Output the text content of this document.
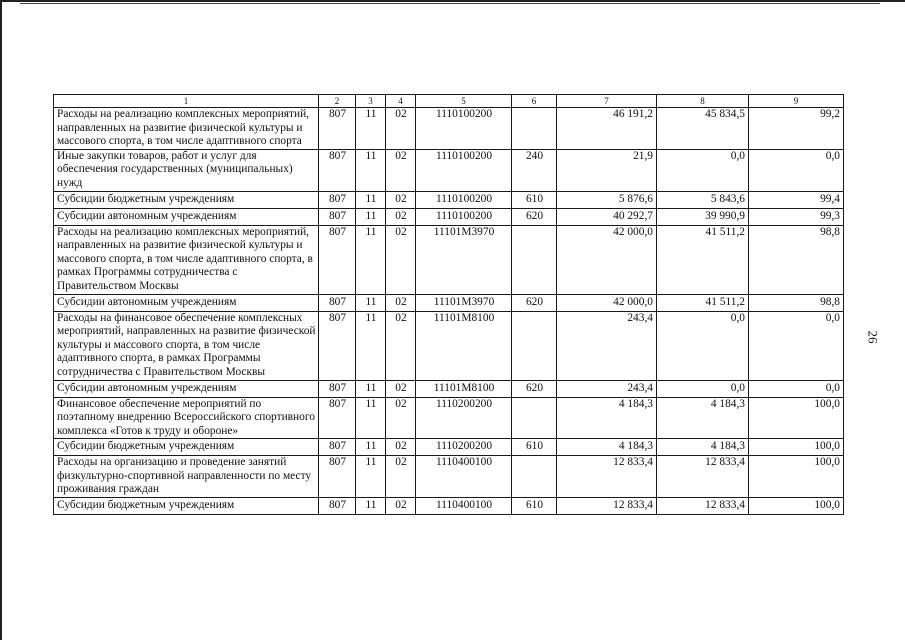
1	2	3	4	5	6	7	8	9
Расходы на реализацию комплексных мероприятий, направленных на развитие физической культуры и массового спорта, в том числе адаптивного спорта	807	11	02	1110100200		46 191,2	45 834,5	99,2
Иные закупки товаров, работ и услуг для обеспечения государственных (муниципальных) нужд	807	11	02	1110100200	240	21,9	0,0	0,0
Субсидии бюджетным учреждениям	807	11	02	1110100200	610	5 876,6	5 843,6	99,4
Субсидии автономным учреждениям	807	11	02	1110100200	620	40 292,7	39 990,9	99,3
Расходы на реализацию комплексных мероприятий, направленных на развитие физической культуры и массового спорта, в том числе адаптивного спорта, в рамках Программы сотрудничества с Правительством Москвы	807	11	02	11101М3970		42 000,0	41 511,2	98,8
Субсидии автономным учреждениям	807	11	02	11101М3970	620	42 000,0	41 511,2	98,8
Расходы на финансовое обеспечение комплексных мероприятий, направленных на развитие физической культуры и массового спорта, в том числе адаптивного спорта, в рамках Программы сотрудничества с Правительством Москвы	807	11	02	11101М8100		243,4	0,0	0,0
Субсидии автономным учреждениям	807	11	02	11101М8100	620	243,4	0,0	0,0
Финансовое обеспечение мероприятий по поэтапному внедрению Всероссийского спортивного комплекса «Готов к труду и обороне»	807	11	02	1110200200		4 184,3	4 184,3	100,0
Субсидии бюджетным учреждениям	807	11	02	1110200200	610	4 184,3	4 184,3	100,0
Расходы на организацию и проведение занятий физкультурно-спортивной направленности по месту проживания граждан	807	11	02	1110400100		12 833,4	12 833,4	100,0
Субсидии бюджетным учреждениям	807	11	02	1110400100	610	12 833,4	12 833,4	100,0
26
